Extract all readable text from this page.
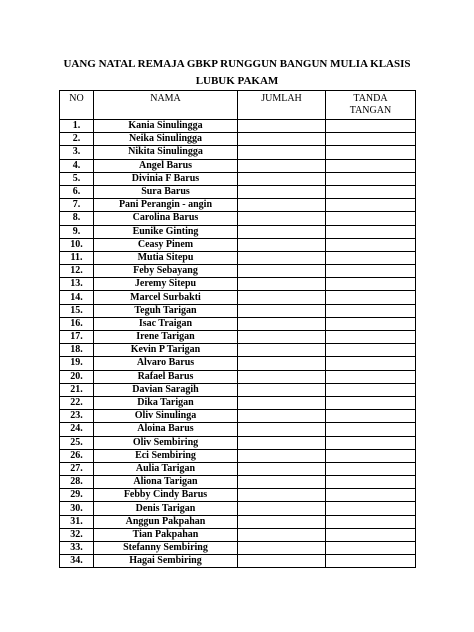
UANG NATAL REMAJA GBKP RUNGGUN BANGUN MULIA KLASIS
LUBUK PAKAM
NO	NAMA	JUMLAH	TANDA
TANGAN

1.	Kania Sinulingga		
2.	Neika Sinulingga		
3.	Nikita Sinulingga		
4.	Angel Barus		
5.	Divinia F Barus		
6.	Sura Barus		
7.	Pani Perangin - angin		
8.	Carolina Barus		
9.	Eunike Ginting		
10.	Ceasy Pinem		
11.	Mutia Sitepu		
12.	Feby Sebayang		
13.	Jeremy Sitepu		
14.	Marcel Surbakti		
15.	Teguh Tarigan		
16.	Isac Traigan		
17.	Irene Tarigan		
18.	Kevin P Tarigan		
19.	Alvaro Barus		
20.	Rafael Barus		
21.	Davian Saragih		
22.	Dika Tarigan		
23.	Oliv Sinulinga		
24.	Aloina Barus		
25.	Oliv Sembiring		
26.	Eci Sembiring		
27.	Aulia Tarigan		
28.	Aliona Tarigan		
29.	Febby Cindy Barus		
30.	Denis Tarigan		
31.	Anggun Pakpahan		
32.	Tian Pakpahan		
33.	Stefanny Sembiring		
34.	Hagai Sembiring		
